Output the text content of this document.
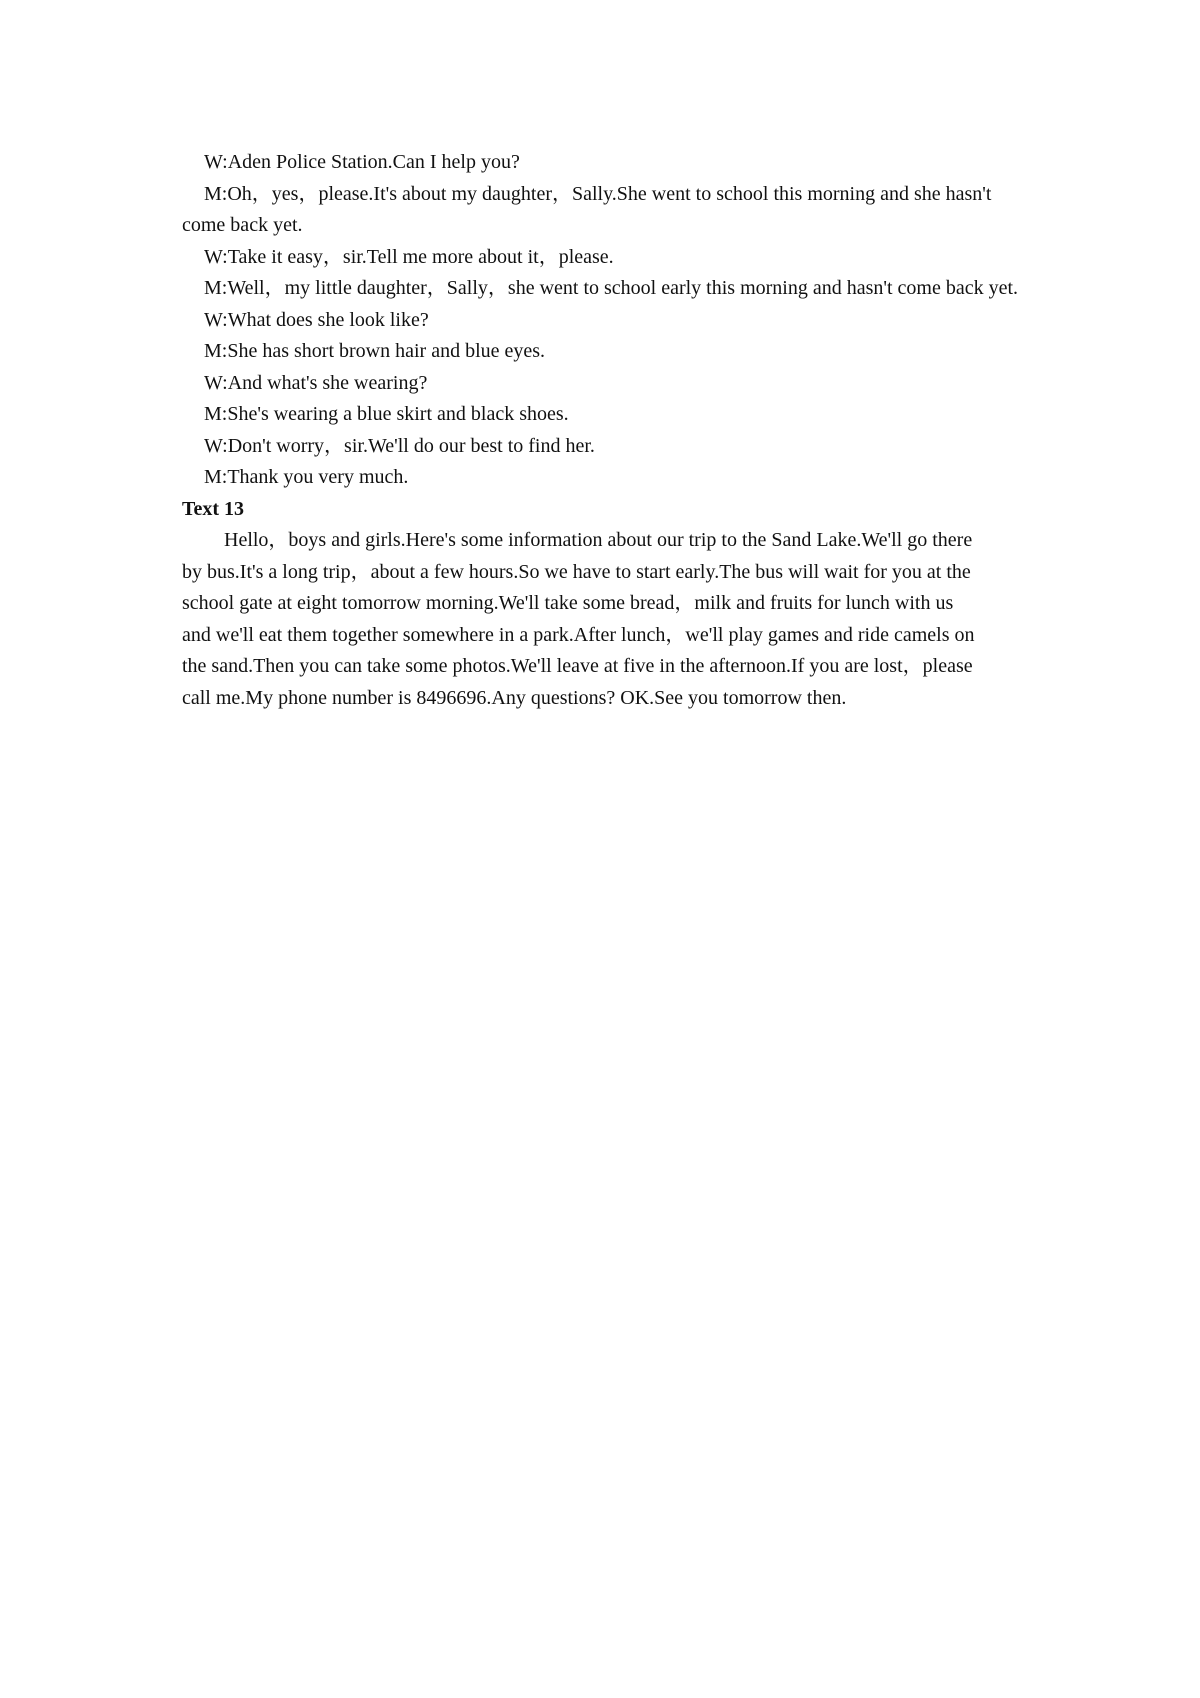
W:Aden Police Station.Can I help you?

M:Oh，yes，please.It's about my daughter，Sally.She went to school this morning and she hasn't come back yet.

W:Take it easy，sir.Tell me more about it，please.

M:Well，my little daughter，Sally，she went to school early this morning and hasn't come back yet.

W:What does she look like?

M:She has short brown hair and blue eyes.

W:And what's she wearing?

M:She's wearing a blue skirt and black shoes.

W:Don't worry，sir.We'll do our best to find her.

M:Thank you very much.

Text 13

Hello，boys and girls.Here's some information about our trip to the Sand Lake.We'll go there by bus.It's a long trip，about a few hours.So we have to start early.The bus will wait for you at the school gate at eight tomorrow morning.We'll take some bread，milk and fruits for lunch with us and we'll eat them together somewhere in a park.After lunch，we'll play games and ride camels on the sand.Then you can take some photos.We'll leave at five in the afternoon.If you are lost，please call me.My phone number is 8496696.Any questions? OK.See you tomorrow then.
